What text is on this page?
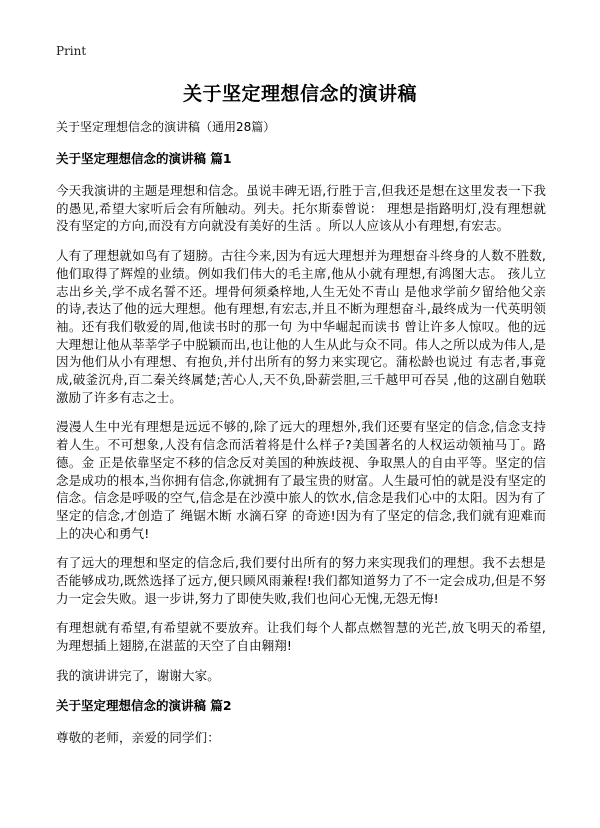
Print
关于坚定理想信念的演讲稿

关于坚定理想信念的演讲稿（通用28篇）

关于坚定理想信念的演讲稿 篇1

今天我演讲的主题是理想和信念。虽说丰碑无语,行胜于言,但我还是想在这里发表一下我的愚见,希望大家听后会有所触动。列夫。托尔斯泰曾说： 理想是指路明灯,没有理想就没有坚定的方向,而没有方向就没有美好的生活 。所以人应该从小有理想,有宏志。

人有了理想就如鸟有了翅膀。古往今来,因为有远大理想并为理想奋斗终身的人数不胜数,他们取得了辉煌的业绩。例如我们伟大的毛主席,他从小就有理想,有鸿图大志。 孩儿立志出乡关,学不成名誓不还。埋骨何须桑梓地,人生无处不青山 是他求学前夕留给他父亲的诗,表达了他的远大理想。他有理想,有宏志,并且不断为理想奋斗,最终成为一代英明领袖。还有我们敬爱的周,他读书时的那一句 为中华崛起而读书 曾让许多人惊叹。他的远大理想让他从莘莘学子中脱颖而出,也让他的人生从此与众不同。伟人之所以成为伟人,是因为他们从小有理想、有抱负,并付出所有的努力来实现它。蒲松龄也说过 有志者,事竟成,破釜沉舟,百二秦关终属楚;苦心人,天不负,卧薪尝胆,三千越甲可吞吴 ,他的这副自勉联激励了许多有志之士。

漫漫人生中光有理想是远远不够的,除了远大的理想外,我们还要有坚定的信念,信念支持着人生。不可想象,人没有信念而活着将是什么样子?美国著名的人权运动领袖马丁。路德。金 正是依靠坚定不移的信念反对美国的种族歧视、争取黑人的自由平等。坚定的信念是成功的根本,当你拥有信念,你就拥有了最宝贵的财富。人生最可怕的就是没有坚定的信念。信念是呼吸的空气,信念是在沙漠中旅人的饮水,信念是我们心中的太阳。因为有了坚定的信念,才创造了 绳锯木断 水滴石穿 的奇迹!因为有了坚定的信念,我们就有迎难而上的决心和勇气!

有了远大的理想和坚定的信念后,我们要付出所有的努力来实现我们的理想。我不去想是否能够成功,既然选择了远方,便只顾风雨兼程!我们都知道努力了不一定会成功,但是不努力一定会失败。退一步讲,努力了即使失败,我们也问心无愧,无怨无悔!

有理想就有希望,有希望就不要放弃。让我们每个人都点燃智慧的光芒,放飞明天的希望,为理想插上翅膀,在湛蓝的天空了自由翱翔!

我的演讲讲完了，谢谢大家。

关于坚定理想信念的演讲稿 篇2

尊敬的老师，亲爱的同学们：
